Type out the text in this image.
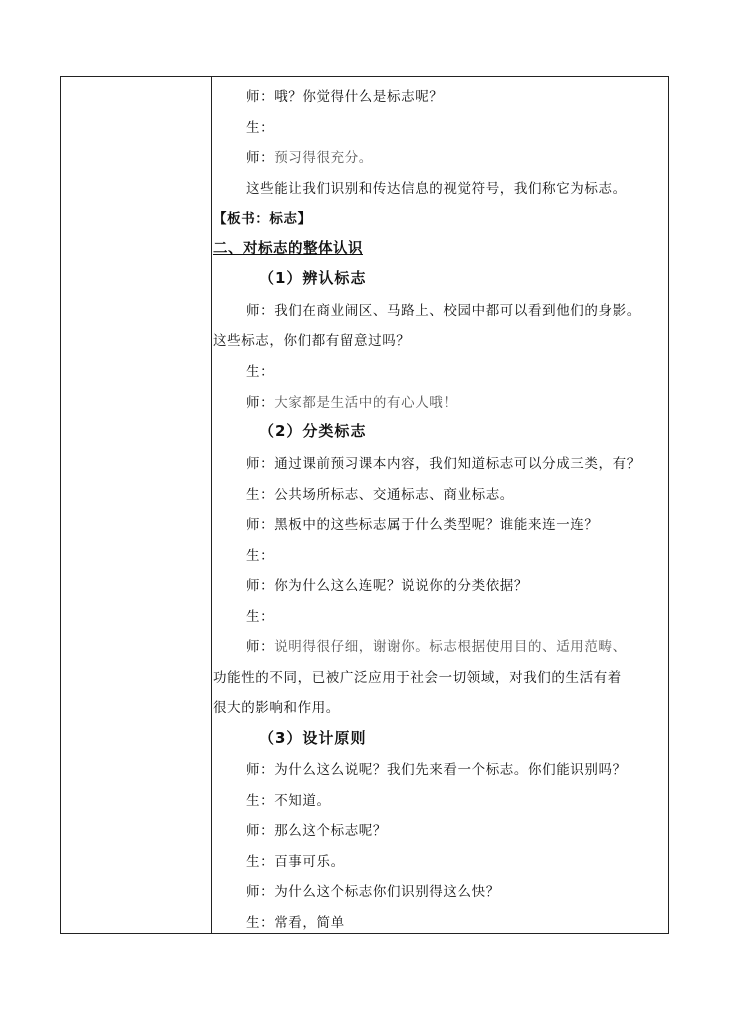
师：哦？你觉得什么是标志呢？
生：
师：预习得很充分。
这些能让我们识别和传达信息的视觉符号，我们称它为标志。
【板书：标志】
二、对标志的整体认识
（1）辨认标志
师：我们在商业闹区、马路上、校园中都可以看到他们的身影。
这些标志，你们都有留意过吗？
生：
师：大家都是生活中的有心人哦！
（2）分类标志
师：通过课前预习课本内容，我们知道标志可以分成三类，有？
生：公共场所标志、交通标志、商业标志。
师：黑板中的这些标志属于什么类型呢？谁能来连一连？
生：
师：你为什么这么连呢？说说你的分类依据？
生：
师：说明得很仔细，谢谢你。标志根据使用目的、适用范畴、
功能性的不同，已被广泛应用于社会一切领域，对我们的生活有着
很大的影响和作用。
（3）设计原则
师：为什么这么说呢？我们先来看一个标志。你们能识别吗？
生：不知道。
师：那么这个标志呢？
生：百事可乐。
师：为什么这个标志你们识别得这么快？
生：常看，简单
